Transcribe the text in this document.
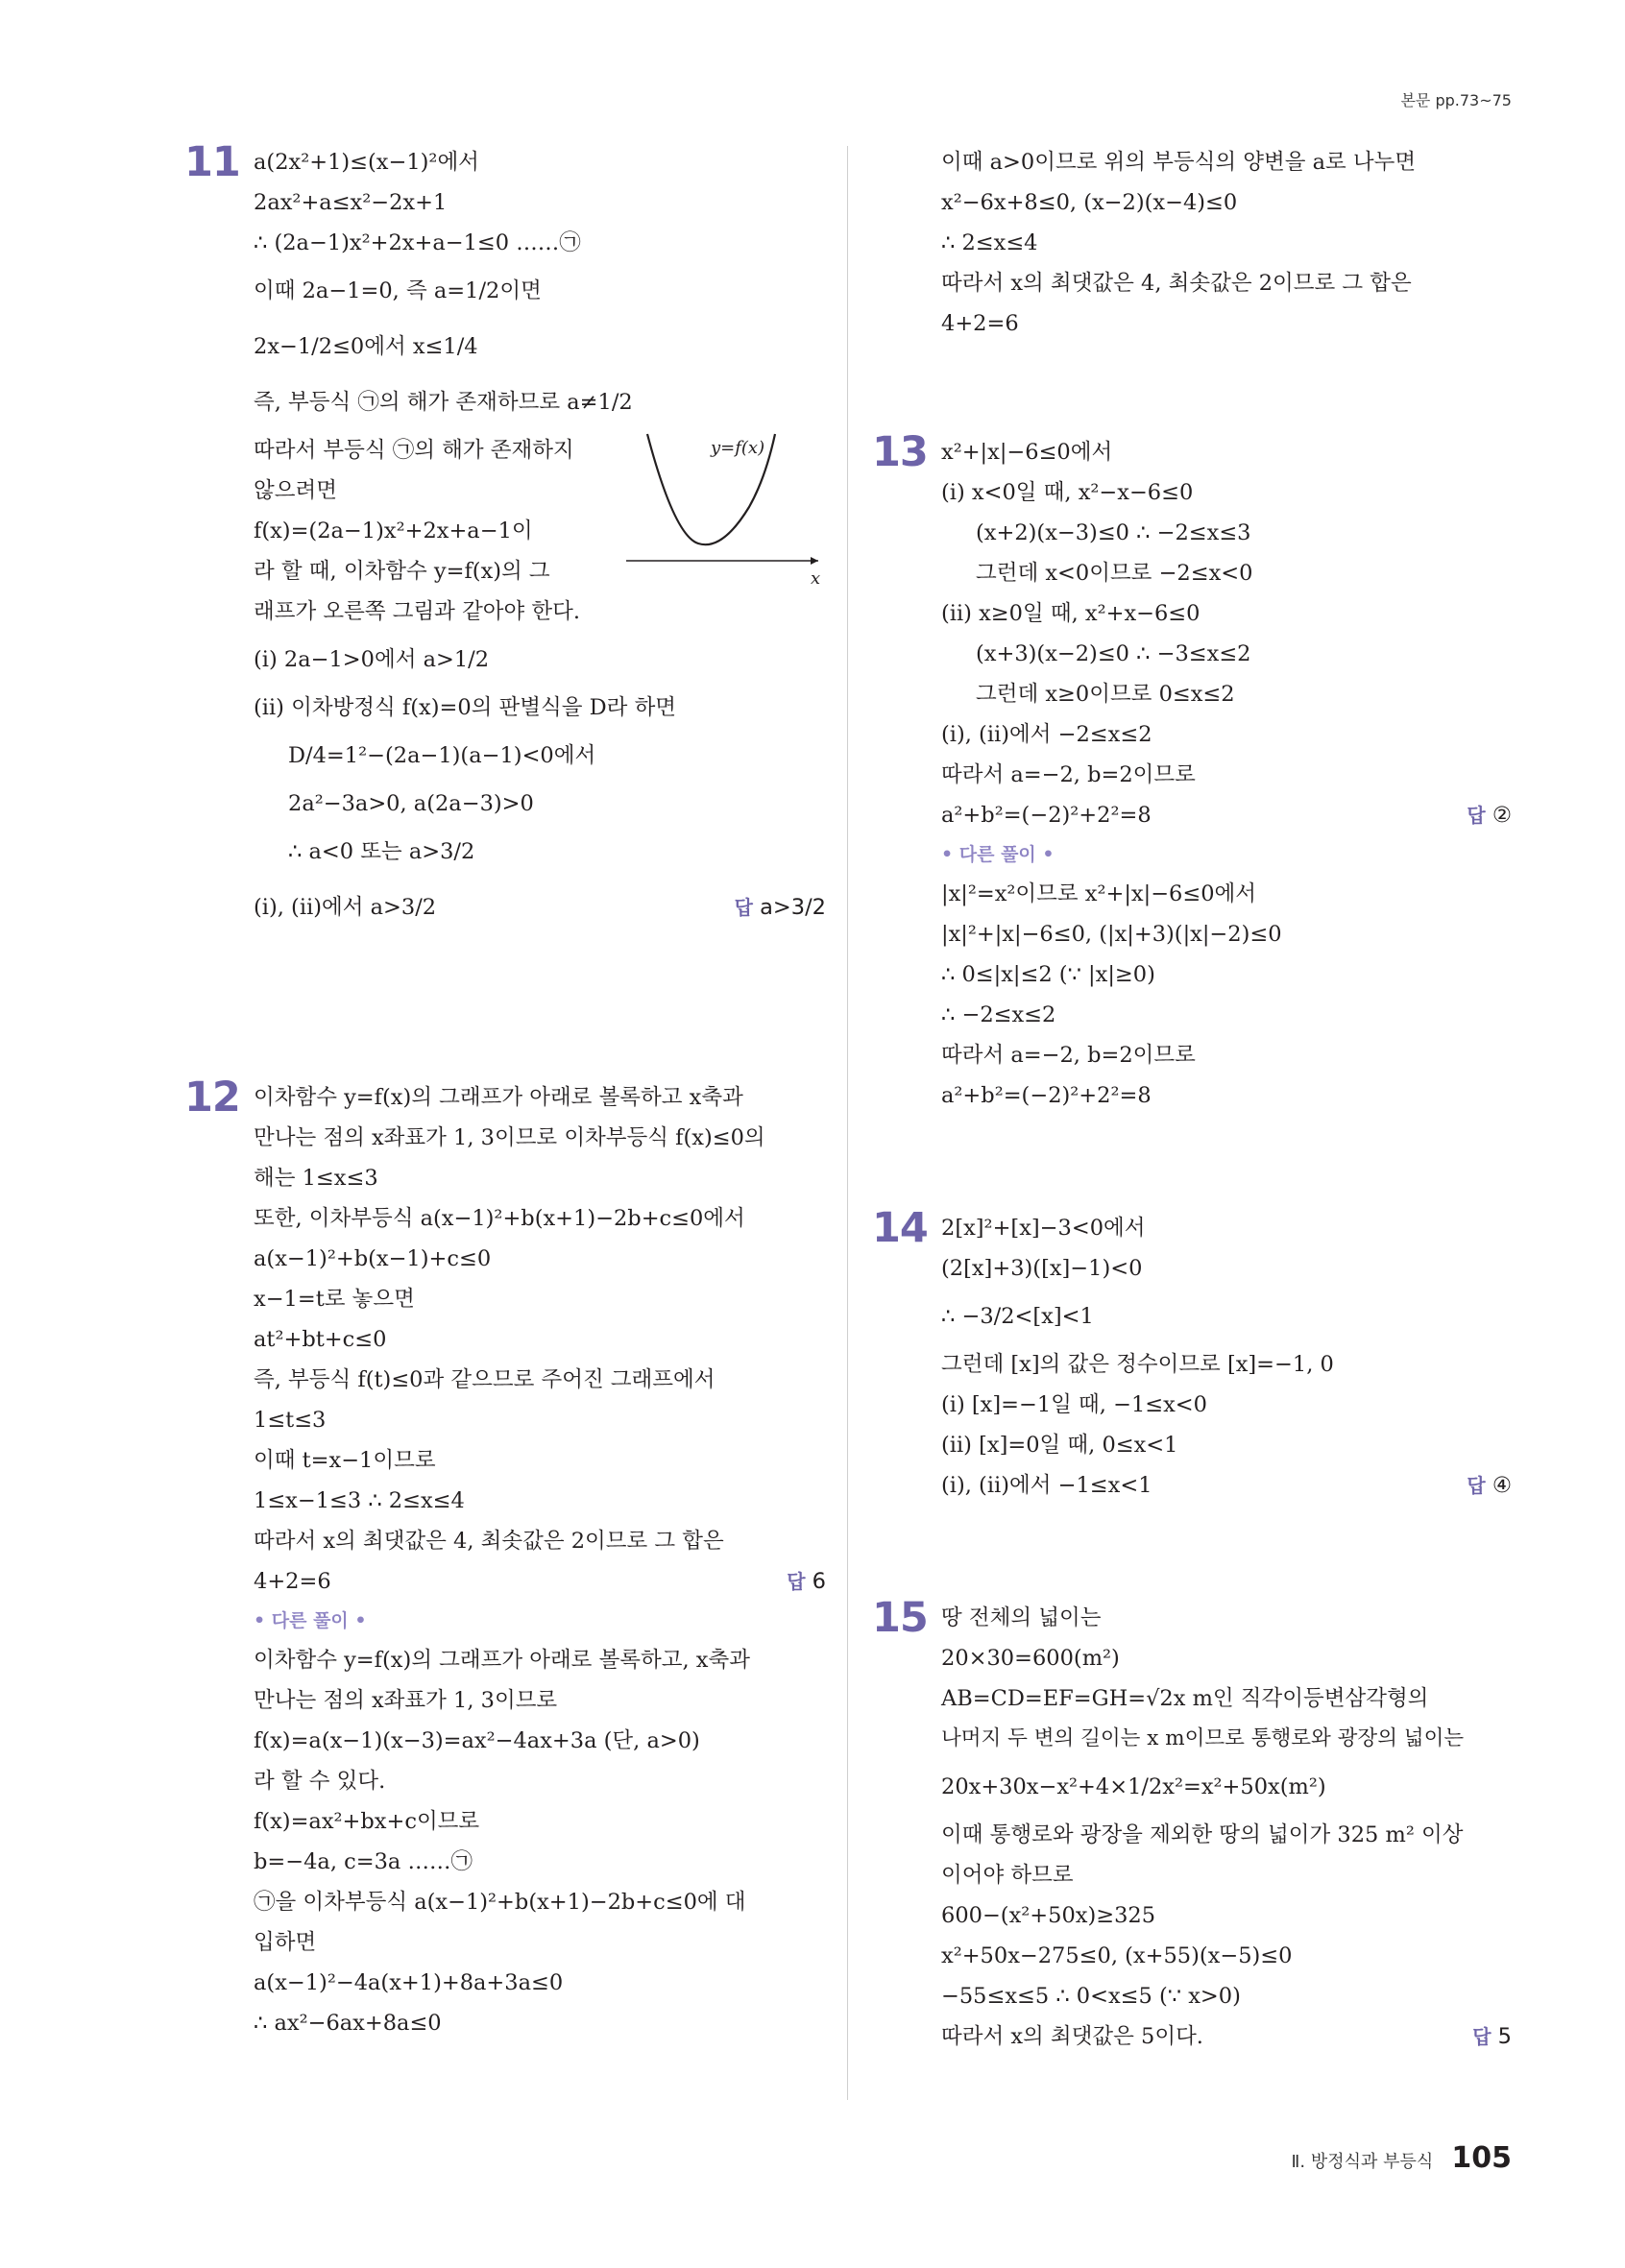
본문 pp.73~75
11 a(2x²+1)≤(x−1)²에서
2ax²+a≤x²−2x+1
∴ (2a−1)x²+2x+a−1≤0 ……㉠
이때 2a−1=0, 즉 a=1/2이면
2x−1/2≤0에서 x≤1/4
즉, 부등식 ㉠의 해가 존재하므로 a≠1/2
따라서 부등식 ㉠의 해가 존재하지
않으려면
f(x)=(2a−1)x²+2x+a−1이
라 할 때, 이차함수 y=f(x)의 그
래프가 오른쪽 그림과 같아야 한다.
y=f(x)
x
(ⅰ) 2a−1>0에서 a>1/2
(ⅱ) 이차방정식 f(x)=0의 판별식을 D라 하면
D/4=1²−(2a−1)(a−1)<0에서
2a²−3a>0, a(2a−3)>0
∴ a<0 또는 a>3/2
(ⅰ), (ⅱ)에서 a>3/2	답 a>3/2
12 이차함수 y=f(x)의 그래프가 아래로 볼록하고 x축과
만나는 점의 x좌표가 1, 3이므로 이차부등식 f(x)≤0의
해는 1≤x≤3
또한, 이차부등식 a(x−1)²+b(x+1)−2b+c≤0에서
a(x−1)²+b(x−1)+c≤0
x−1=t로 놓으면
at²+bt+c≤0
즉, 부등식 f(t)≤0과 같으므로 주어진 그래프에서
1≤t≤3
이때 t=x−1이므로
1≤x−1≤3 ∴ 2≤x≤4
따라서 x의 최댓값은 4, 최솟값은 2이므로 그 합은
4+2=6	답 6
• 다른 풀이 •
이차함수 y=f(x)의 그래프가 아래로 볼록하고, x축과
만나는 점의 x좌표가 1, 3이므로
f(x)=a(x−1)(x−3)=ax²−4ax+3a (단, a>0)
라 할 수 있다.
f(x)=ax²+bx+c이므로
b=−4a, c=3a ……㉠
㉠을 이차부등식 a(x−1)²+b(x+1)−2b+c≤0에 대
입하면
a(x−1)²−4a(x+1)+8a+3a≤0
∴ ax²−6ax+8a≤0
이때 a>0이므로 위의 부등식의 양변을 a로 나누면
x²−6x+8≤0, (x−2)(x−4)≤0
∴ 2≤x≤4
따라서 x의 최댓값은 4, 최솟값은 2이므로 그 합은
4+2=6
13 x²+|x|−6≤0에서
(ⅰ) x<0일 때, x²−x−6≤0
(x+2)(x−3)≤0 ∴ −2≤x≤3
그런데 x<0이므로 −2≤x<0
(ⅱ) x≥0일 때, x²+x−6≤0
(x+3)(x−2)≤0 ∴ −3≤x≤2
그런데 x≥0이므로 0≤x≤2
(ⅰ), (ⅱ)에서 −2≤x≤2
따라서 a=−2, b=2이므로
a²+b²=(−2)²+2²=8	답 ②
• 다른 풀이 •
|x|²=x²이므로 x²+|x|−6≤0에서
|x|²+|x|−6≤0, (|x|+3)(|x|−2)≤0
∴ 0≤|x|≤2 (∵ |x|≥0)
∴ −2≤x≤2
따라서 a=−2, b=2이므로
a²+b²=(−2)²+2²=8
14 2[x]²+[x]−3<0에서
(2[x]+3)([x]−1)<0
∴ −3/2<[x]<1
그런데 [x]의 값은 정수이므로 [x]=−1, 0
(ⅰ) [x]=−1일 때, −1≤x<0
(ⅱ) [x]=0일 때, 0≤x<1
(ⅰ), (ⅱ)에서 −1≤x<1	답 ④
15 땅 전체의 넓이는
20×30=600(m²)
AB=CD=EF=GH=√2x m인 직각이등변삼각형의
나머지 두 변의 길이는 x m이므로 통행로와 광장의 넓이는
20x+30x−x²+4×1/2x²=x²+50x(m²)
이때 통행로와 광장을 제외한 땅의 넓이가 325 m² 이상
이어야 하므로
600−(x²+50x)≥325
x²+50x−275≤0, (x+55)(x−5)≤0
−55≤x≤5 ∴ 0<x≤5 (∵ x>0)
따라서 x의 최댓값은 5이다.	답 5
Ⅱ. 방정식과 부등식 105
